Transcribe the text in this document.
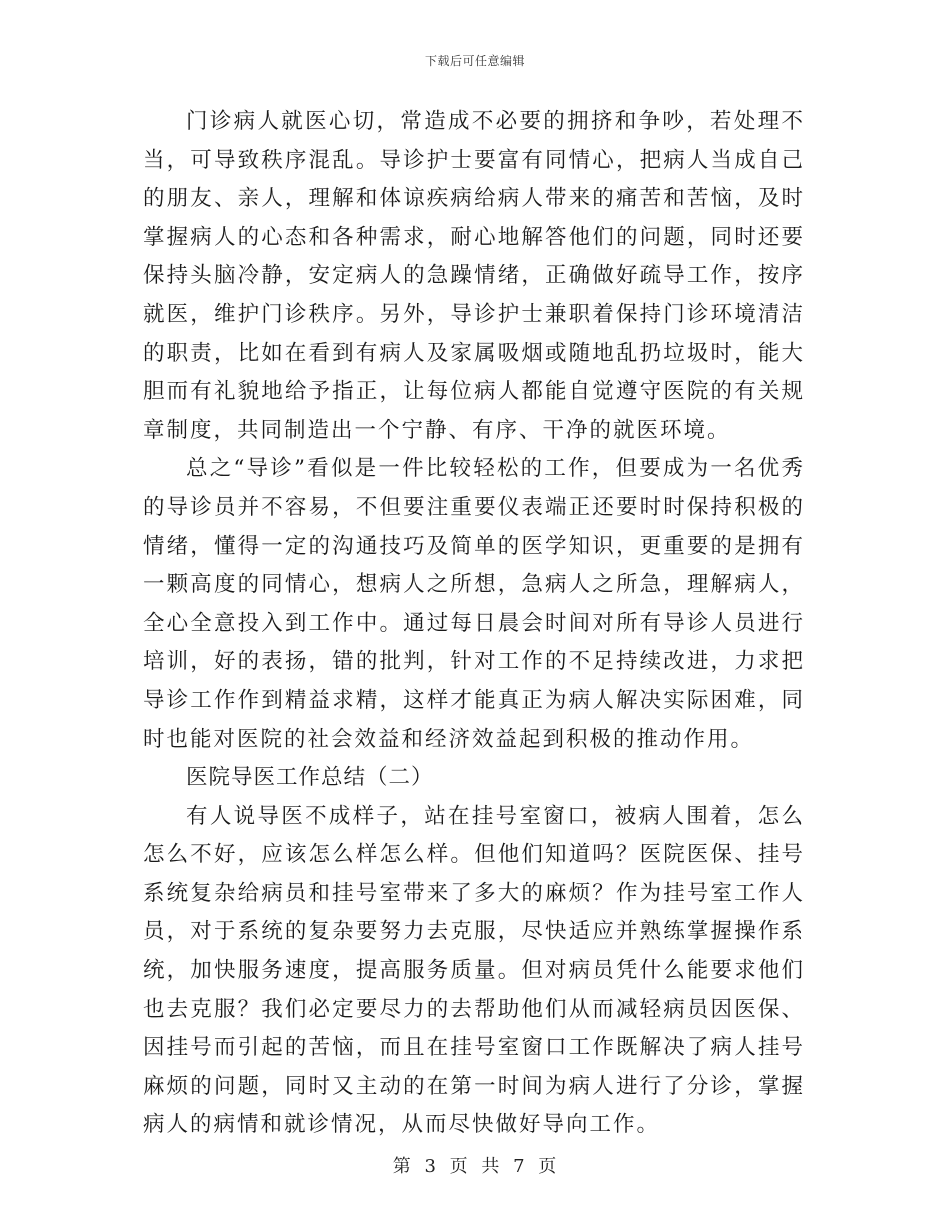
下载后可任意编辑

门诊病人就医心切，常造成不必要的拥挤和争吵，若处理不当，可导致秩序混乱。导诊护士要富有同情心，把病人当成自己的朋友、亲人，理解和体谅疾病给病人带来的痛苦和苦恼，及时掌握病人的心态和各种需求，耐心地解答他们的问题，同时还要保持头脑冷静，安定病人的急躁情绪，正确做好疏导工作，按序就医，维护门诊秩序。另外，导诊护士兼职着保持门诊环境清洁的职责，比如在看到有病人及家属吸烟或随地乱扔垃圾时，能大胆而有礼貌地给予指正，让每位病人都能自觉遵守医院的有关规章制度，共同制造出一个宁静、有序、干净的就医环境。

总之“导诊”看似是一件比较轻松的工作，但要成为一名优秀的导诊员并不容易，不但要注重要仪表端正还要时时保持积极的情绪，懂得一定的沟通技巧及简单的医学知识，更重要的是拥有一颗高度的同情心，想病人之所想，急病人之所急，理解病人，全心全意投入到工作中。通过每日晨会时间对所有导诊人员进行培训，好的表扬，错的批判，针对工作的不足持续改进，力求把导诊工作作到精益求精，这样才能真正为病人解决实际困难，同时也能对医院的社会效益和经济效益起到积极的推动作用。

医院导医工作总结（二）

有人说导医不成样子，站在挂号室窗口，被病人围着，怎么怎么不好，应该怎么样怎么样。但他们知道吗？医院医保、挂号系统复杂给病员和挂号室带来了多大的麻烦？作为挂号室工作人员，对于系统的复杂要努力去克服，尽快适应并熟练掌握操作系统，加快服务速度，提高服务质量。但对病员凭什么能要求他们也去克服？我们必定要尽力的去帮助他们从而减轻病员因医保、因挂号而引起的苦恼，而且在挂号室窗口工作既解决了病人挂号麻烦的问题，同时又主动的在第一时间为病人进行了分诊，掌握病人的病情和就诊情况，从而尽快做好导向工作。

第 3 页 共 7 页
